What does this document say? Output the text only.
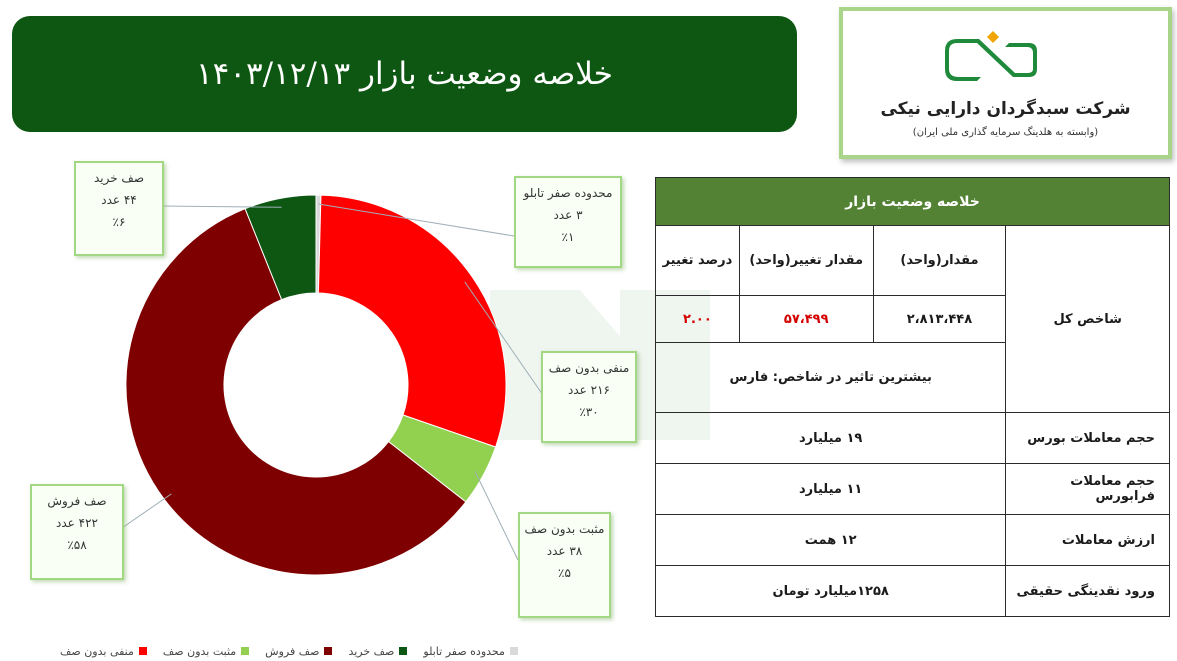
خلاصه وضعیت بازار ۱۴۰۳/۱۲/۱۳
شرکت سبدگردان دارایی نیکی
(وابسته به هلدینگ سرمایه گذاری ملی ایران)
محدوده صفر تابلو
۳ عدد
٪۱
منفی بدون صف
۲۱۶ عدد
٪۳۰
مثبت بدون صف
۳۸ عدد
٪۵
صف فروش
۴۲۲ عدد
٪۵۸
صف خرید
۴۴ عدد
٪۶
منفی بدون صف	مثبت بدون صف	صف فروش	صف خرید	محدوده صفر تابلو
خلاصه وضعیت بازار			
شاخص کل	مقدار(واحد)	مقدار تغییر(واحد)	درصد تغییر
	۲،۸۱۳،۴۴۸	۵۷،۴۹۹	۲.۰۰
	بیشترین تاثیر در شاخص: فارس		
حجم معاملات بورس	۱۹ میلیارد		
حجم معاملات فرابورس	۱۱ میلیارد		
ارزش معاملات	۱۲ همت		
ورود نقدینگی حقیقی	۱۲۵۸میلیارد تومان		
